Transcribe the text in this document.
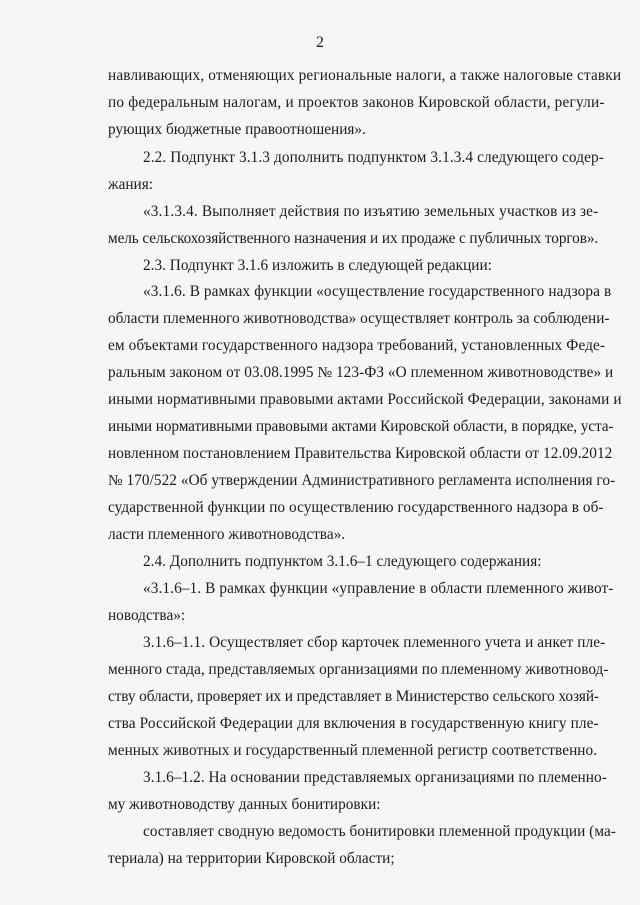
2
навливающих, отменяющих региональные налоги, а также налоговые ставки
по федеральным налогам, и проектов законов Кировской области, регули-
рующих бюджетные правоотношения».
2.2. Подпункт 3.1.3 дополнить подпунктом 3.1.3.4 следующего содер-
жания:
«3.1.3.4. Выполняет действия по изъятию земельных участков из зе-
мель сельскохозяйственного назначения и их продаже с публичных торгов».
2.3. Подпункт 3.1.6 изложить в следующей редакции:
«3.1.6. В рамках функции «осуществление государственного надзора в
области племенного животноводства» осуществляет контроль за соблюдени-
ем объектами государственного надзора требований, установленных Феде-
ральным законом от 03.08.1995 № 123-ФЗ «О племенном животноводстве» и
иными нормативными правовыми актами Российской Федерации, законами и
иными нормативными правовыми актами Кировской области, в порядке, уста-
новленном постановлением Правительства Кировской области от 12.09.2012
№ 170/522 «Об утверждении Административного регламента исполнения го-
сударственной функции по осуществлению государственного надзора в об-
ласти племенного животноводства».
2.4. Дополнить подпунктом 3.1.6–1 следующего содержания:
«3.1.6–1. В рамках функции «управление в области племенного живот-
новодства»:
3.1.6–1.1. Осуществляет сбор карточек племенного учета и анкет пле-
менного стада, представляемых организациями по племенному животновод-
ству области, проверяет их и представляет в Министерство сельского хозяй-
ства Российской Федерации для включения в государственную книгу пле-
менных животных и государственный племенной регистр соответственно.
3.1.6–1.2. На основании представляемых организациями по племенно-
му животноводству данных бонитировки:
составляет сводную ведомость бонитировки племенной продукции (ма-
териала) на территории Кировской области;
